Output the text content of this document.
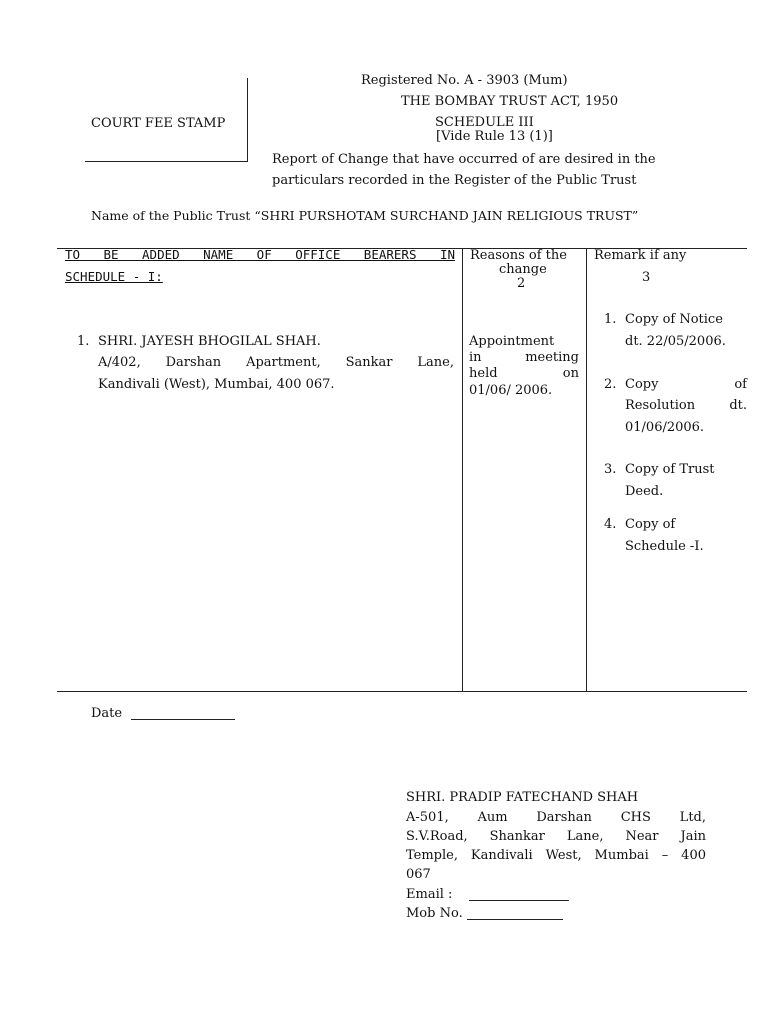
COURT FEE STAMP
Registered No. A - 3903 (Mum)
THE BOMBAY TRUST ACT, 1950
SCHEDULE III
[Vide Rule 13 (1)]
Report of Change that have occurred of are desired in the
particulars recorded in the Register of the Public Trust
Name of the Public Trust “SHRI PURSHOTAM SURCHAND JAIN RELIGIOUS TRUST”
TO BE ADDED NAME OF OFFICE BEARERS IN
SCHEDULE - I:
Reasons of the
change
2
Remark if any
3
1. SHRI. JAYESH BHOGILAL SHAH.
A/402, Darshan Apartment, Sankar Lane,
Kandivali (West), Mumbai, 400 067.
Appointment
in meeting
held on
01/06/ 2006.
1. Copy of Notice
dt. 22/05/2006.
2. Copy of
Resolution dt.
01/06/2006.
3. Copy of Trust
Deed.
4. Copy of
Schedule -I.
Date
SHRI. PRADIP FATECHAND SHAH
A-501, Aum Darshan CHS Ltd,
S.V.Road, Shankar Lane, Near Jain
Temple, Kandivali West, Mumbai – 400
067
Email :
Mob No.
